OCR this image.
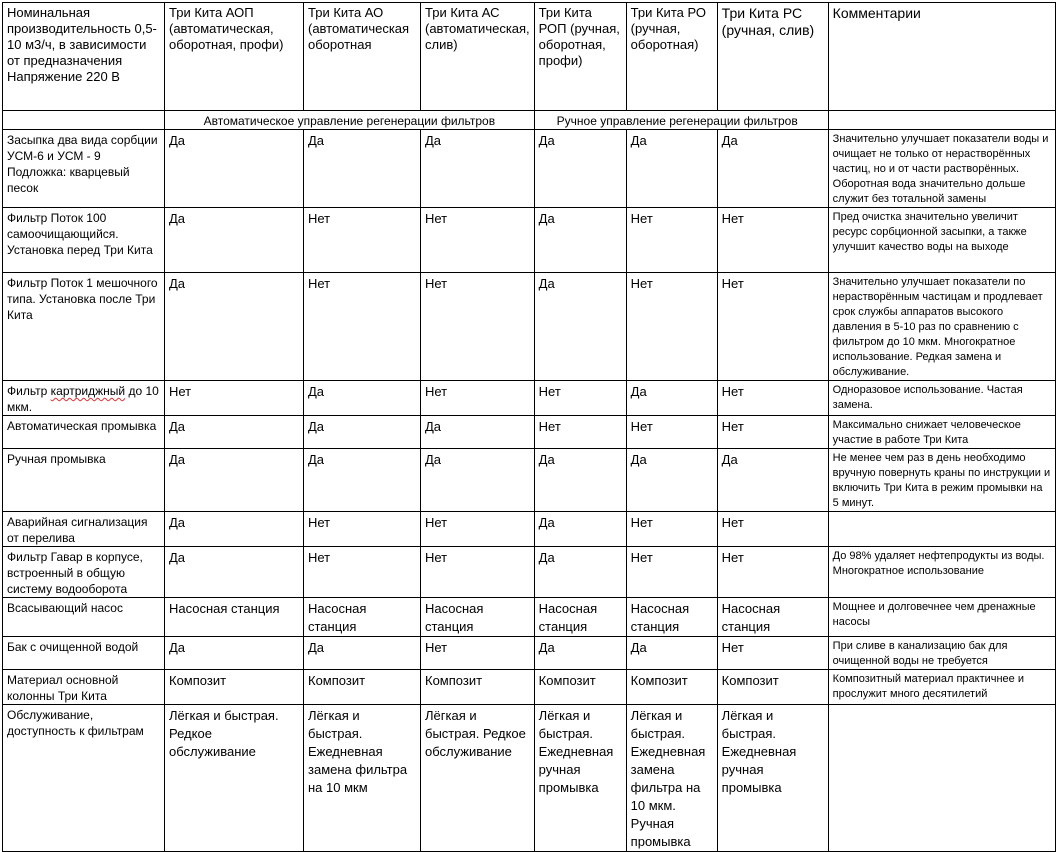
Номинальная производительность 0,5-10 м3/ч, в зависимости от предназначения Напряжение 220 В	Три Кита АОП (автоматическая, оборотная, профи)	Три Кита АО (автоматическая оборотная	Три Кита АС (автоматическая, слив)	Три Кита РОП (ручная, оборотная, профи)	Три Кита РО (ручная, оборотная)	Три Кита РС (ручная, слив)	Комментарии
	Автоматическое управление регенерации фильтров			Ручное управление регенерации фильтров			
Засыпка два вида сорбции УСМ-6 и УСМ - 9 Подложка: кварцевый песок	Да	Да	Да	Да	Да	Да	Значительно улучшает показатели воды и очищает не только от нерастворённых частиц, но и от части растворённых. Оборотная вода значительно дольше служит без тотальной замены
Фильтр Поток 100 самоочищающийся. Установка перед Три Кита	Да	Нет	Нет	Да	Нет	Нет	Пред очистка значительно увеличит ресурс сорбционной засыпки, а также улучшит качество воды на выходе
Фильтр Поток 1 мешочного типа. Установка после Три Кита	Да	Нет	Нет	Да	Нет	Нет	Значительно улучшает показатели по нерастворённым частицам и продлевает срок службы аппаратов высокого давления в 5-10 раз по сравнению с фильтром до 10 мкм. Многократное использование. Редкая замена и обслуживание.
Фильтр картриджный до 10 мкм.	Нет	Да	Нет	Нет	Да	Нет	Одноразовое использование. Частая замена.
Автоматическая промывка	Да	Да	Да	Нет	Нет	Нет	Максимально снижает человеческое участие в работе Три Кита
Ручная промывка	Да	Да	Да	Да	Да	Да	Не менее чем раз в день необходимо вручную повернуть краны по инструкции и включить Три Кита в режим промывки на 5 минут.
Аварийная сигнализация от перелива	Да	Нет	Нет	Да	Нет	Нет	
Фильтр Гавар в корпусе, встроенный в общую систему водооборота	Да	Нет	Нет	Да	Нет	Нет	До 98% удаляет нефтепродукты из воды. Многократное использование
Всасывающий насос	Насосная станция	Насосная станция	Насосная станция	Насосная станция	Насосная станция	Насосная станция	Мощнее и долговечнее чем дренажные насосы
Бак с очищенной водой	Да	Да	Нет	Да	Да	Нет	При сливе в канализацию бак для очищенной воды не требуется
Материал основной колонны Три Кита	Композит	Композит	Композит	Композит	Композит	Композит	Композитный материал практичнее и прослужит много десятилетий
Обслуживание, доступность к фильтрам	Лёгкая и быстрая. Редкое обслуживание	Лёгкая и быстрая. Ежедневная замена фильтра на 10 мкм	Лёгкая и быстрая. Редкое обслуживание	Лёгкая и быстрая. Ежедневная ручная промывка	Лёгкая и быстрая. Ежедневная замена фильтра на 10 мкм. Ручная промывка	Лёгкая и быстрая. Ежедневная ручная промывка	
